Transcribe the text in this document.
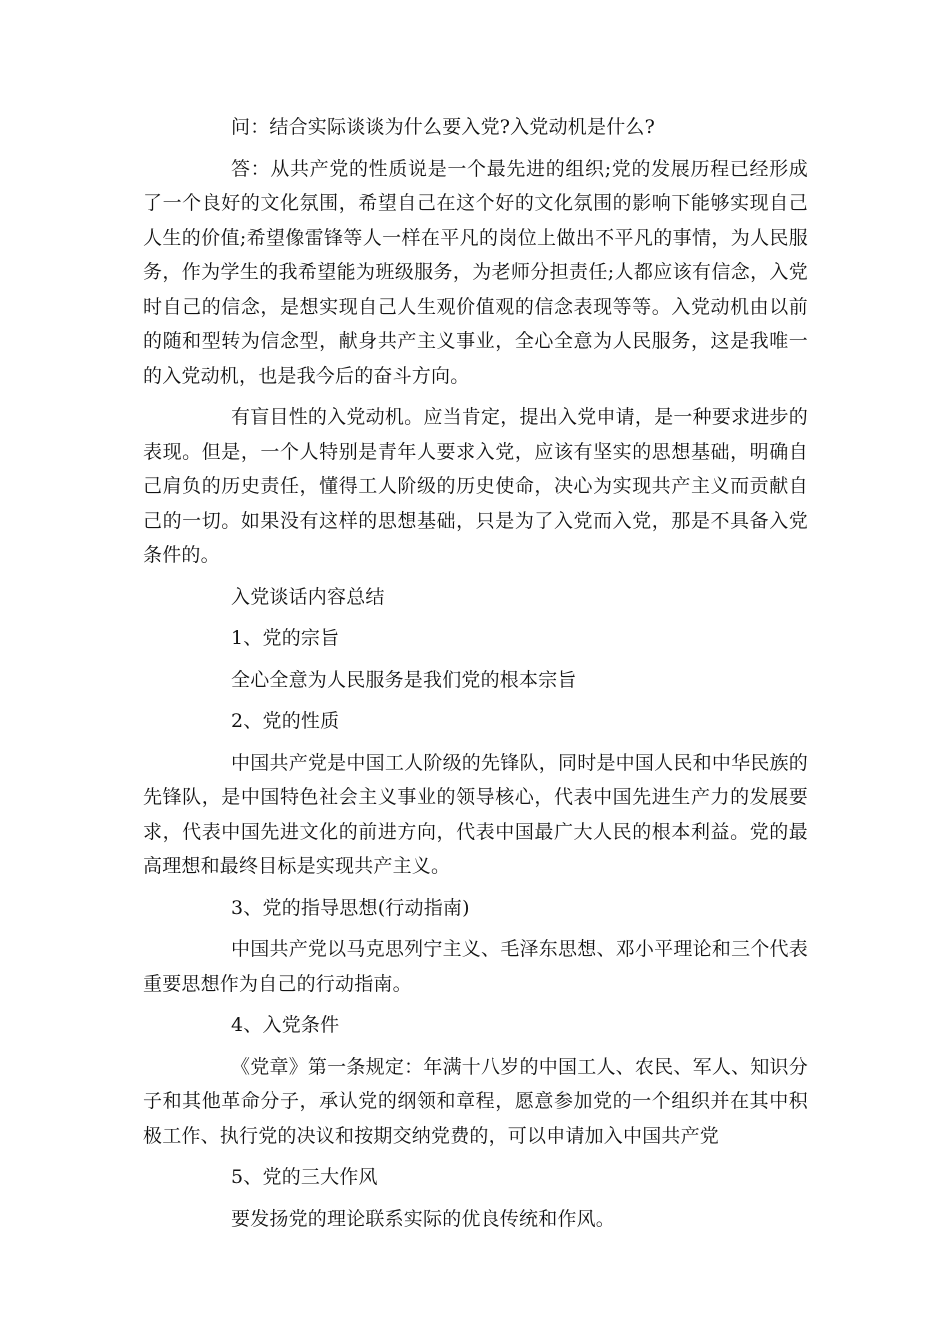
问：结合实际谈谈为什么要入党?入党动机是什么?

答：从共产党的性质说是一个最先进的组织;党的发展历程已经形成了一个良好的文化氛围，希望自己在这个好的文化氛围的影响下能够实现自己人生的价值;希望像雷锋等人一样在平凡的岗位上做出不平凡的事情，为人民服务，作为学生的我希望能为班级服务，为老师分担责任;人都应该有信念，入党时自己的信念，是想实现自己人生观价值观的信念表现等等。入党动机由以前的随和型转为信念型，献身共产主义事业，全心全意为人民服务，这是我唯一的入党动机，也是我今后的奋斗方向。

有盲目性的入党动机。应当肯定，提出入党申请，是一种要求进步的表现。但是，一个人特别是青年人要求入党，应该有坚实的思想基础，明确自己肩负的历史责任，懂得工人阶级的历史使命，决心为实现共产主义而贡献自己的一切。如果没有这样的思想基础，只是为了入党而入党，那是不具备入党条件的。

入党谈话内容总结

1、党的宗旨

全心全意为人民服务是我们党的根本宗旨

2、党的性质

中国共产党是中国工人阶级的先锋队，同时是中国人民和中华民族的先锋队，是中国特色社会主义事业的领导核心，代表中国先进生产力的发展要求，代表中国先进文化的前进方向，代表中国最广大人民的根本利益。党的最高理想和最终目标是实现共产主义。

3、党的指导思想(行动指南)

中国共产党以马克思列宁主义、毛泽东思想、邓小平理论和三个代表重要思想作为自己的行动指南。

4、入党条件

《党章》第一条规定：年满十八岁的中国工人、农民、军人、知识分子和其他革命分子，承认党的纲领和章程，愿意参加党的一个组织并在其中积极工作、执行党的决议和按期交纳党费的，可以申请加入中国共产党

5、党的三大作风

要发扬党的理论联系实际的优良传统和作风。
